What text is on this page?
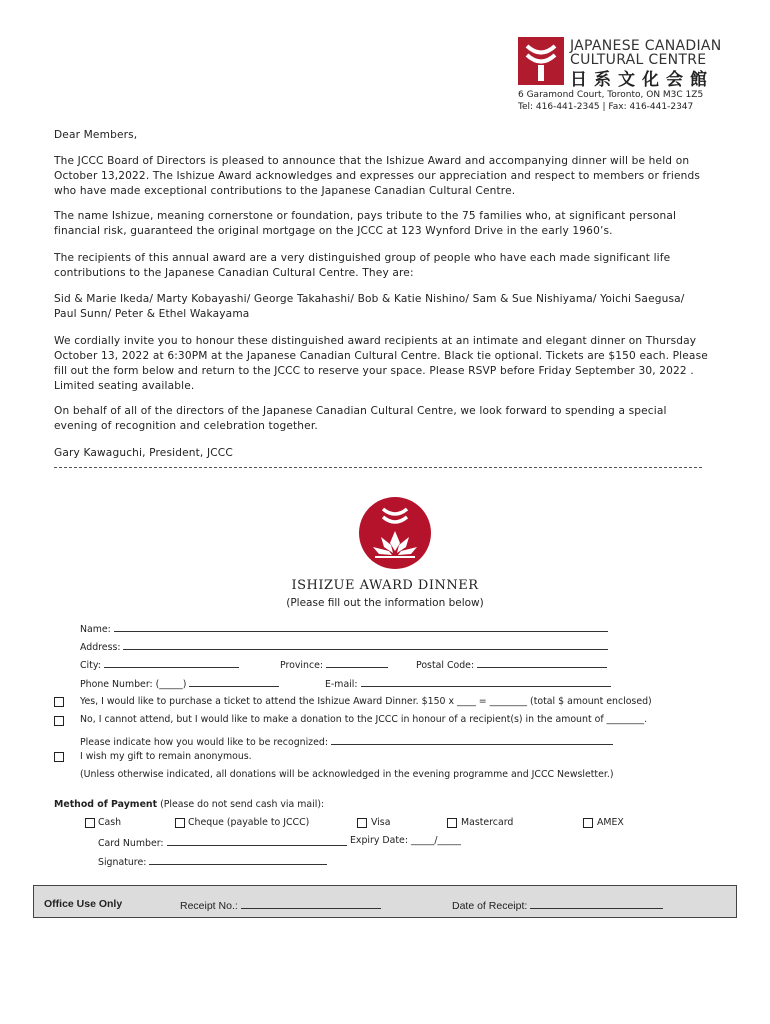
JAPANESE CANADIAN
CULTURAL CENTRE
日系文化会館
6 Garamond Court, Toronto, ON M3C 1Z5
Tel: 416-441-2345 | Fax: 416-441-2347
Dear Members,
The JCCC Board of Directors is pleased to announce that the Ishizue Award and accompanying dinner will be held on
October 13,2022. The Ishizue Award acknowledges and expresses our appreciation and respect to members or friends
who have made exceptional contributions to the Japanese Canadian Cultural Centre.
The name Ishizue, meaning cornerstone or foundation, pays tribute to the 75 families who, at significant personal
financial risk, guaranteed the original mortgage on the JCCC at 123 Wynford Drive in the early 1960’s.
The recipients of this annual award are a very distinguished group of people who have each made significant life
contributions to the Japanese Canadian Cultural Centre. They are:
Sid & Marie Ikeda/ Marty Kobayashi/ George Takahashi/ Bob & Katie Nishino/ Sam & Sue Nishiyama/ Yoichi Saegusa/
Paul Sunn/ Peter & Ethel Wakayama
We cordially invite you to honour these distinguished award recipients at an intimate and elegant dinner on Thursday
October 13, 2022 at 6:30PM at the Japanese Canadian Cultural Centre. Black tie optional. Tickets are $150 each. Please
fill out the form below and return to the JCCC to reserve your space. Please RSVP before Friday September 30, 2022 .
Limited seating available.
On behalf of all of the directors of the Japanese Canadian Cultural Centre, we look forward to spending a special
evening of recognition and celebration together.
Gary Kawaguchi, President, JCCC
ISHIZUE AWARD DINNER
(Please fill out the information below)
Name:
Address:
City:	Province:	Postal Code:
Phone Number: (_____)	E-mail:
Yes, I would like to purchase a ticket to attend the Ishizue Award Dinner. $150 x ____ = ________ (total $ amount enclosed)
No, I cannot attend, but I would like to make a donation to the JCCC in honour of a recipient(s) in the amount of ________.
Please indicate how you would like to be recognized:
I wish my gift to remain anonymous.
(Unless otherwise indicated, all donations will be acknowledged in the evening programme and JCCC Newsletter.)
Method of Payment (Please do not send cash via mail):
Cash	Cheque (payable to JCCC)	Visa	Mastercard	AMEX
Card Number:	Expiry Date: _____/_____
Signature:
Office Use Only	Receipt No.:	Date of Receipt:
